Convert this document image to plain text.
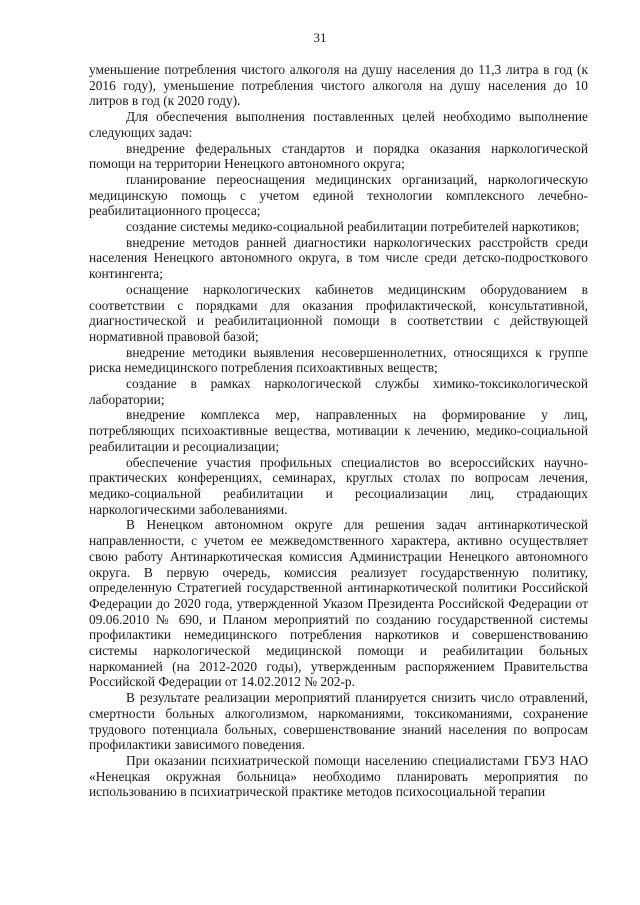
31

уменьшение потребления чистого алкоголя на душу населения до 11,3 литра в год (к 2016 году), уменьшение потребления чистого алкоголя на душу населения до 10 литров в год (к 2020 году).

Для обеспечения выполнения поставленных целей необходимо выполнение следующих задач:

внедрение федеральных стандартов и порядка оказания наркологической помощи на территории Ненецкого автономного округа;

планирование переоснащения медицинских организаций, наркологическую медицинскую помощь с учетом единой технологии комплексного лечебно-реабилитационного процесса;

создание системы медико-социальной реабилитации потребителей наркотиков;

внедрение методов ранней диагностики наркологических расстройств среди населения Ненецкого автономного округа, в том числе среди детско-подросткового контингента;

оснащение наркологических кабинетов медицинским оборудованием в соответствии с порядками для оказания профилактической, консультативной, диагностической и реабилитационной помощи в соответствии с действующей нормативной правовой базой;

внедрение методики выявления несовершеннолетних, относящихся к группе риска немедицинского потребления психоактивных веществ;

создание в рамках наркологической службы химико-токсикологической лаборатории;

внедрение комплекса мер, направленных на формирование у лиц, потребляющих психоактивные вещества, мотивации к лечению, медико-социальной реабилитации и ресоциализации;

обеспечение участия профильных специалистов во всероссийских научно-практических конференциях, семинарах, круглых столах по вопросам лечения, медико-социальной реабилитации и ресоциализации лиц, страдающих наркологическими заболеваниями.

В Ненецком автономном округе для решения задач антинаркотической направленности, с учетом ее межведомственного характера, активно осуществляет свою работу Антинаркотическая комиссия Администрации Ненецкого автономного округа. В первую очередь, комиссия реализует государственную политику, определенную Стратегией государственной антинаркотической политики Российской Федерации до 2020 года, утвержденной Указом Президента Российской Федерации от 09.06.2010 № 690, и Планом мероприятий по созданию государственной системы профилактики немедицинского потребления наркотиков и совершенствованию системы наркологической медицинской помощи и реабилитации больных наркоманией (на 2012-2020 годы), утвержденным распоряжением Правительства Российской Федерации от 14.02.2012 № 202-р.

В результате реализации мероприятий планируется снизить число отравлений, смертности больных алкоголизмом, наркоманиями, токсикоманиями, сохранение трудового потенциала больных, совершенствование знаний населения по вопросам профилактики зависимого поведения.

При оказании психиатрической помощи населению специалистами ГБУЗ НАО «Ненецкая окружная больница» необходимо планировать мероприятия по использованию в психиатрической практике методов психосоциальной терапии
